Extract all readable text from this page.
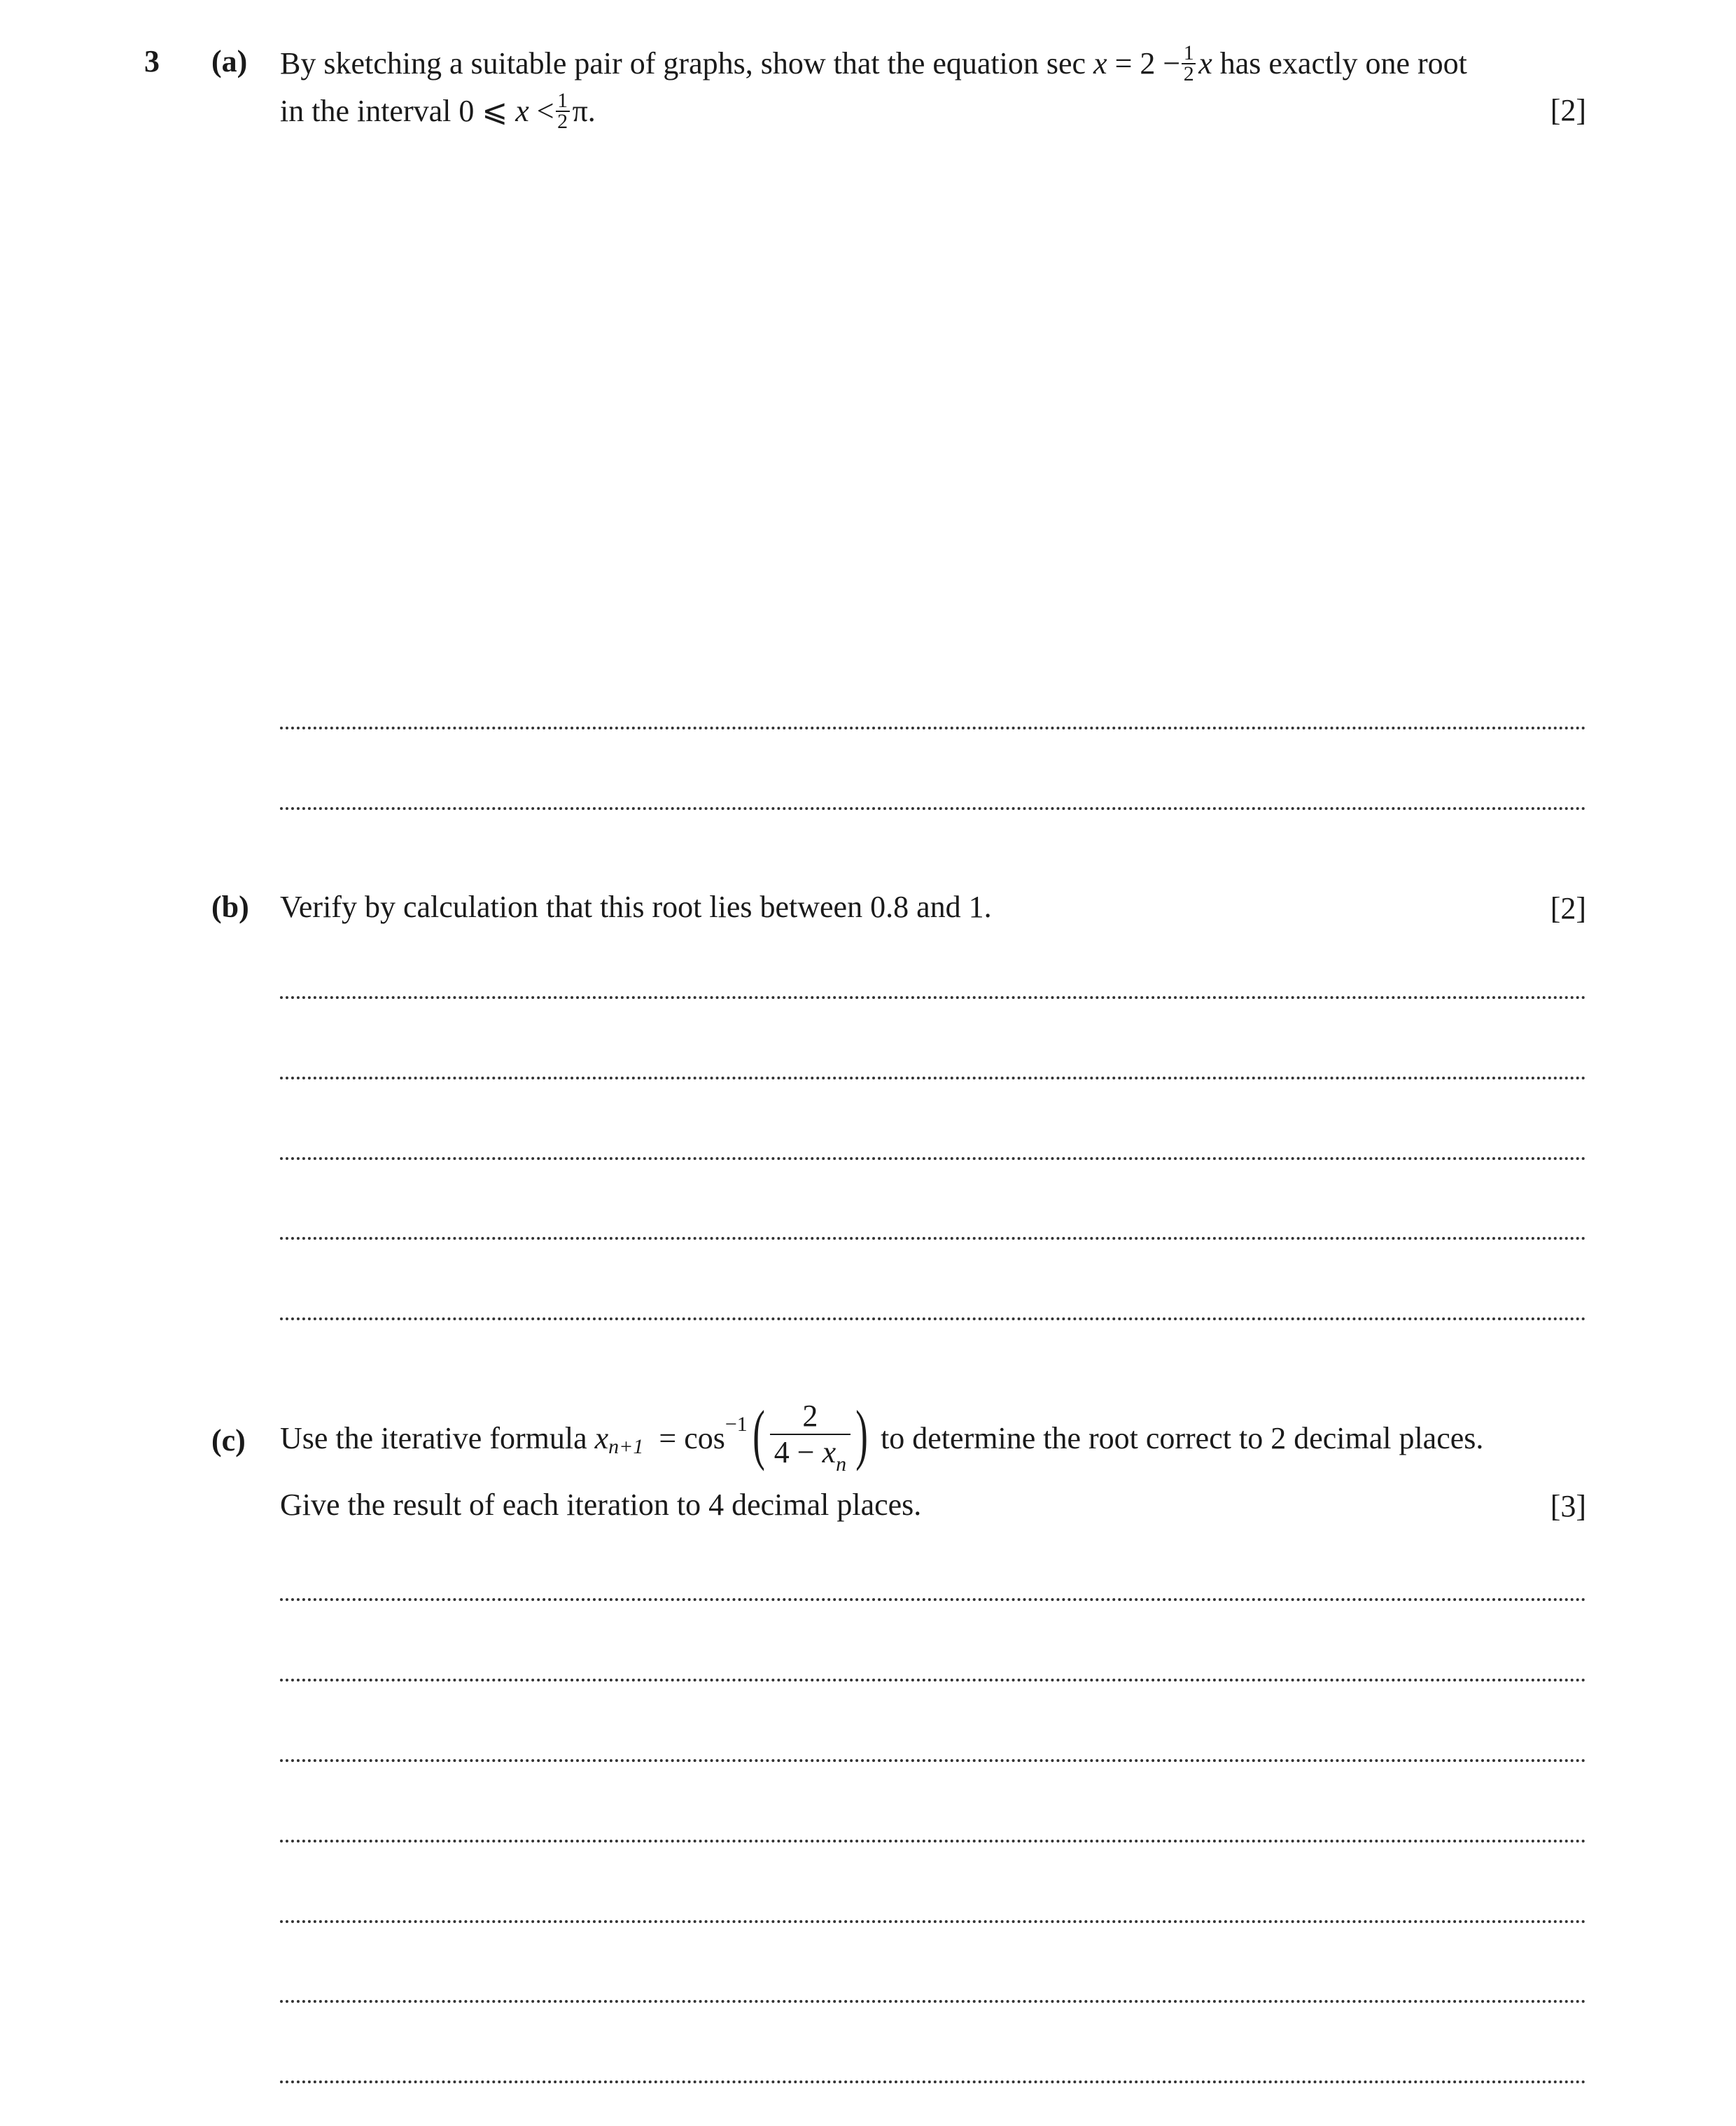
3 (a) By sketching a suitable pair of graphs, show that the equation $\sec x = 2 - \frac{1}{2}$ x has exactly one root
in the interval 0 ⩽ $x < \frac{1}{2} \pi$.	[2]
(b) Verify by calculation that this root lies between 0.8 and 1.	[2]
(c) Use the iterative formula
x n+1
= cos −1 ( $\frac{2}{4 - x_n}$ )
to determine the root correct to 2 decimal places.
Give the result of each iteration to 4 decimal places.	[3]
